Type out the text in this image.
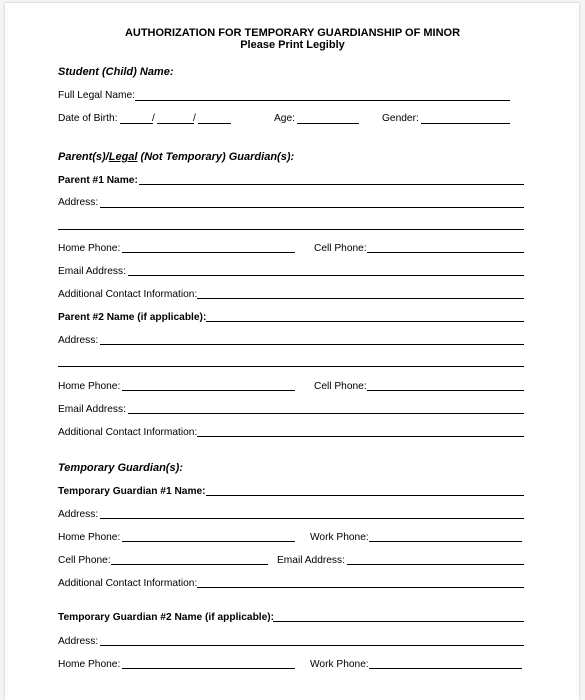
AUTHORIZATION FOR TEMPORARY GUARDIANSHIP OF MINOR
Please Print Legibly
Student (Child) Name:
Full Legal Name:
Date of Birth:	/	/	Age:	Gender:
Parent(s)/Legal (Not Temporary) Guardian(s):
Parent #1 Name:
Address:
Home Phone:	Cell Phone:
Email Address:
Additional Contact Information:
Parent #2 Name (if applicable):
Address:
Home Phone:	Cell Phone:
Email Address:
Additional Contact Information:
Temporary Guardian(s):
Temporary Guardian #1 Name:
Address:
Home Phone:	Work Phone:
Cell Phone:	Email Address:
Additional Contact Information:
Temporary Guardian #2 Name (if applicable):
Address:
Home Phone:	Work Phone:
